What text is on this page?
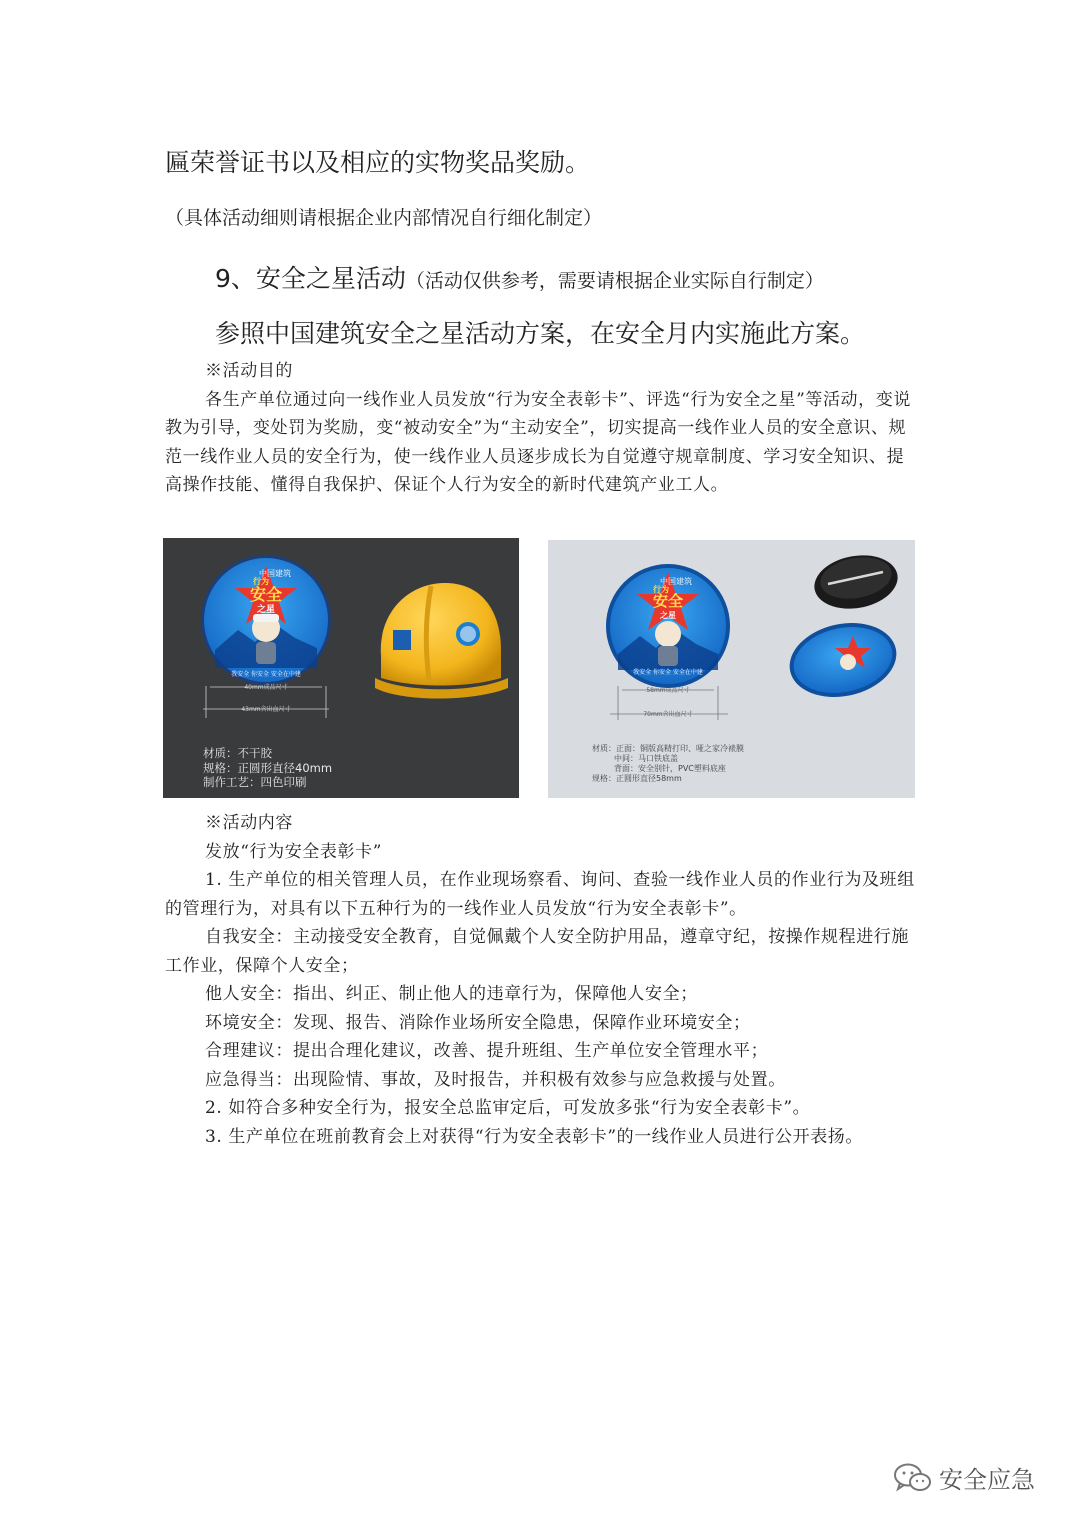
匾荣誉证书以及相应的实物奖品奖励。
（具体活动细则请根据企业内部情况自行细化制定）
9、安全之星活动（活动仅供参考，需要请根据企业实际自行制定）
参照中国建筑安全之星活动方案，在安全月内实施此方案。
※活动目的
各生产单位通过向一线作业人员发放“行为安全表彰卡”、评选“行为安全之星”等活动，变说教为引导，变处罚为奖励，变“被动安全”为“主动安全”，切实提高一线作业人员的安全意识、规范一线作业人员的安全行为，使一线作业人员逐步成长为自觉遵守规章制度、学习安全知识、提高操作技能、懂得自我保护、保证个人行为安全的新时代建筑产业工人。
中国建筑
行为
安全
之星
我安全 你安全 安全在中建
40mm成品尺寸
43mm含出血尺寸
材质：不干胶
规格：正圆形直径40mm
制作工艺：四色印刷
中国建筑
行为
安全
之星
我安全 你安全 安全在中建
58mm成品尺寸
70mm含出血尺寸
材质：正面：铜版高精打印、哑之家冷裱膜
中间：马口铁底盖
背面：安全别针，PVC塑料底座
规格：正圆形直径58mm
※活动内容
发放“行为安全表彰卡”
1. 生产单位的相关管理人员，在作业现场察看、询问、查验一线作业人员的作业行为及班组的管理行为，对具有以下五种行为的一线作业人员发放“行为安全表彰卡”。
自我安全：主动接受安全教育，自觉佩戴个人安全防护用品，遵章守纪，按操作规程进行施工作业，保障个人安全；
他人安全：指出、纠正、制止他人的违章行为，保障他人安全；
环境安全：发现、报告、消除作业场所安全隐患，保障作业环境安全；
合理建议：提出合理化建议，改善、提升班组、生产单位安全管理水平；
应急得当：出现险情、事故，及时报告，并积极有效参与应急救援与处置。
2. 如符合多种安全行为，报安全总监审定后，可发放多张“行为安全表彰卡”。
3. 生产单位在班前教育会上对获得“行为安全表彰卡”的一线作业人员进行公开表扬。
安全应急
